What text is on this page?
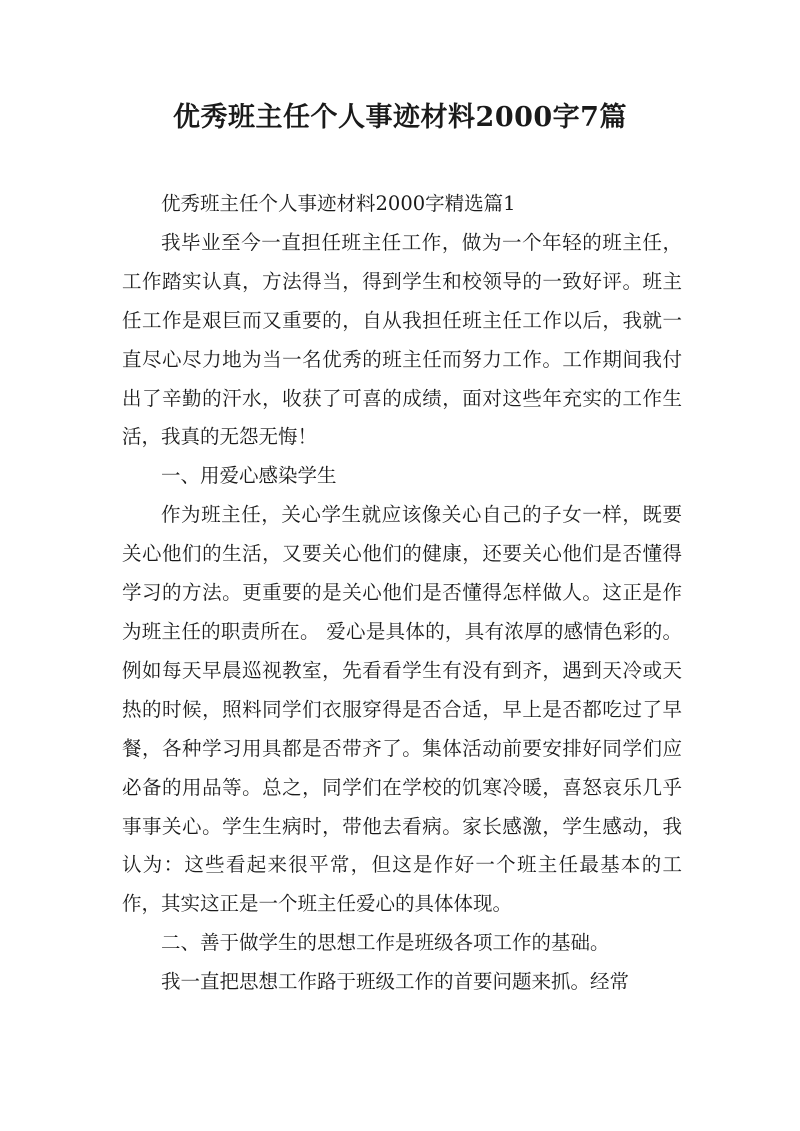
优秀班主任个人事迹材料2000字7篇

优秀班主任个人事迹材料2000字精选篇1

我毕业至今一直担任班主任工作，做为一个年轻的班主任，工作踏实认真，方法得当，得到学生和校领导的一致好评。班主任工作是艰巨而又重要的，自从我担任班主任工作以后，我就一直尽心尽力地为当一名优秀的班主任而努力工作。工作期间我付出了辛勤的汗水，收获了可喜的成绩，面对这些年充实的工作生活，我真的无怨无悔！

一、用爱心感染学生

作为班主任，关心学生就应该像关心自己的子女一样，既要关心他们的生活，又要关心他们的健康，还要关心他们是否懂得学习的方法。更重要的是关心他们是否懂得怎样做人。这正是作为班主任的职责所在。 爱心是具体的，具有浓厚的感情色彩的。例如每天早晨巡视教室，先看看学生有没有到齐，遇到天冷或天热的时候，照料同学们衣服穿得是否合适，早上是否都吃过了早餐，各种学习用具都是否带齐了。集体活动前要安排好同学们应必备的用品等。总之，同学们在学校的饥寒冷暖，喜怒哀乐几乎事事关心。学生生病时，带他去看病。家长感激，学生感动，我认为：这些看起来很平常，但这是作好一个班主任最基本的工作，其实这正是一个班主任爱心的具体体现。

二、善于做学生的思想工作是班级各项工作的基础。

我一直把思想工作路于班级工作的首要问题来抓。经常
